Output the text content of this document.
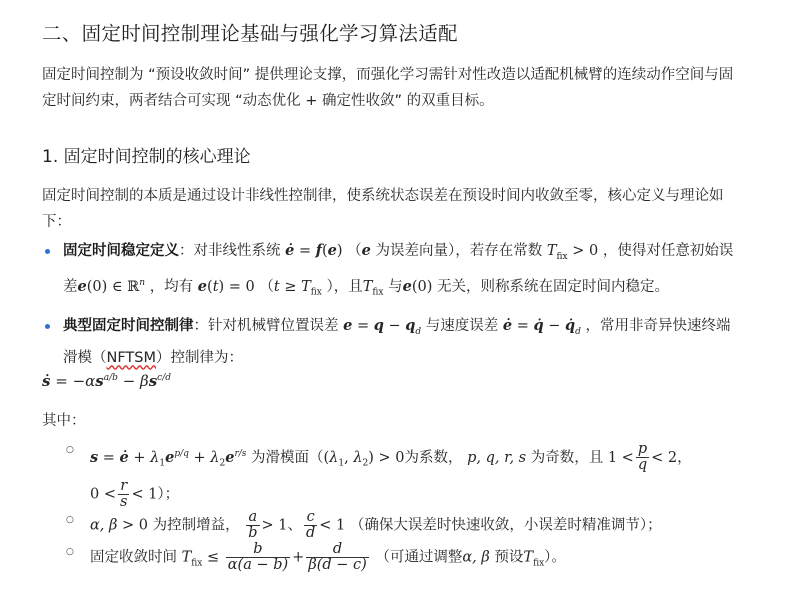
二、固定时间控制理论基础与强化学习算法适配

固定时间控制为 “预设收敛时间” 提供理论支撑，而强化学习需针对性改造以适配机械臂的连续动作空间与固定时间约束，两者结合可实现 “动态优化 + 确定性收敛” 的双重目标。

1. 固定时间控制的核心理论

固定时间控制的本质是通过设计非线性控制律，使系统状态误差在预设时间内收敛至零，核心定义与理论如下：

固定时间稳定定义：对非线性系统 ė = f(e) （e 为误差向量），若存在常数 $T_{fix} > 0$ ，使得对任意初始误差e(0) ∈ ℝ$^n$ ，均有 e(t) = 0 （$t \ge T_{fix}$ ），且$T_{fix}$ 与e(0) 无关，则称系统在固定时间内稳定。
典型固定时间控制律：针对机械臂位置误差 $e = q - q_d$ 与速度误差 ė = q̇ − $q̇_d$ ，常用非奇异快速终端滑模（NFTSM）控制律为：
ṡ = $-\alpha s^{a/b} - \beta s^{c/d}$

其中：

○ s = ė + $\lambda_1e^{p/q} + \lambda_2e^{r/s}$ 为滑模面（($\lambda_1$, $\lambda_2) > 0$为系数， p, q, r, s 为奇数，且 $1 < \frac{p}{q} < 2$，
$0 < \frac{r}{s} < 1$）；
○ α, β > 0 为控制增益， $\frac{a}{b} > 1$、 $\frac{c}{d} < 1$ （确保大误差时快速收敛，小误差时精准调节）；
○ 固定收敛时间 $T_{fix} \le \frac{b}{\alpha(a - b)} + \frac{d}{\beta(d - c)}$ （可通过调整α, β 预设$T_{fix}$）。
